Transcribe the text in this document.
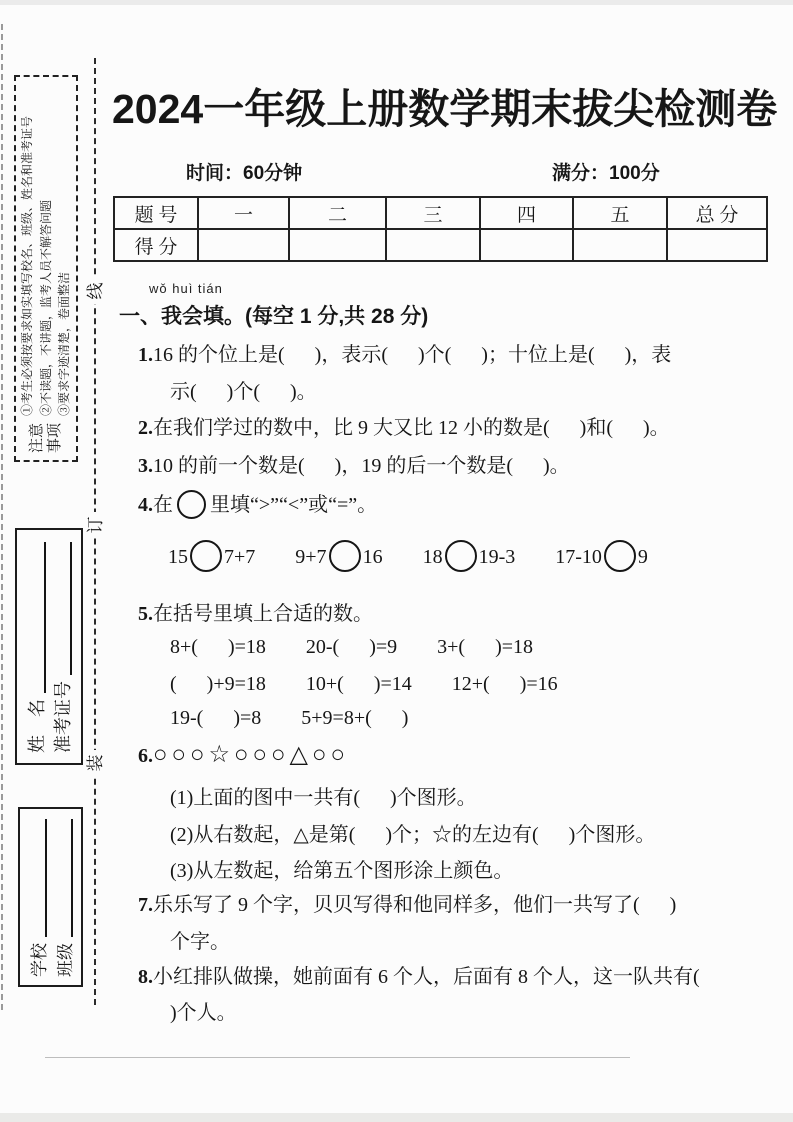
线
订
装
注意 事项
①考生必须按要求如实填写校名、班级、姓名和准考证号 ②不读题，不讲题，监考人员不解答问题 ③要求字迹清楚，卷面整洁
姓　名 准考证号
学校 班级
2024一年级上册数学期末拔尖检测卷
时间：60分钟	满分：100分
题 号	一	二	三	四	五	总 分
得 分						
wǒ huì tián
一、我会填。(每空 1 分,共 28 分)
1.16 的个位上是(      )，表示(      )个(      )；十位上是(      )，表
示(      )个(      )。
2.在我们学过的数中，比 9 大又比 12 小的数是(      )和(      )。
3.10 的前一个数是(      )，19 的后一个数是(      )。
4.在 里填“>”“<”或“=”。
15 7+7 9+7 16 18 19-3 17-10 9
5.在括号里填上合适的数。
8+(      )=18        20-(      )=9        3+(      )=18
(      )+9=18        10+(      )=14        12+(      )=16
19-(      )=8        5+9=8+(      )
6.○○○☆○○○△○○
(1)上面的图中一共有(      )个图形。
(2)从右数起，△是第(      )个；☆的左边有(      )个图形。
(3)从左数起，给第五个图形涂上颜色。
7.乐乐写了 9 个字，贝贝写得和他同样多，他们一共写了(      )
个字。
8.小红排队做操，她前面有 6 个人，后面有 8 个人，这一队共有(
)个人。
